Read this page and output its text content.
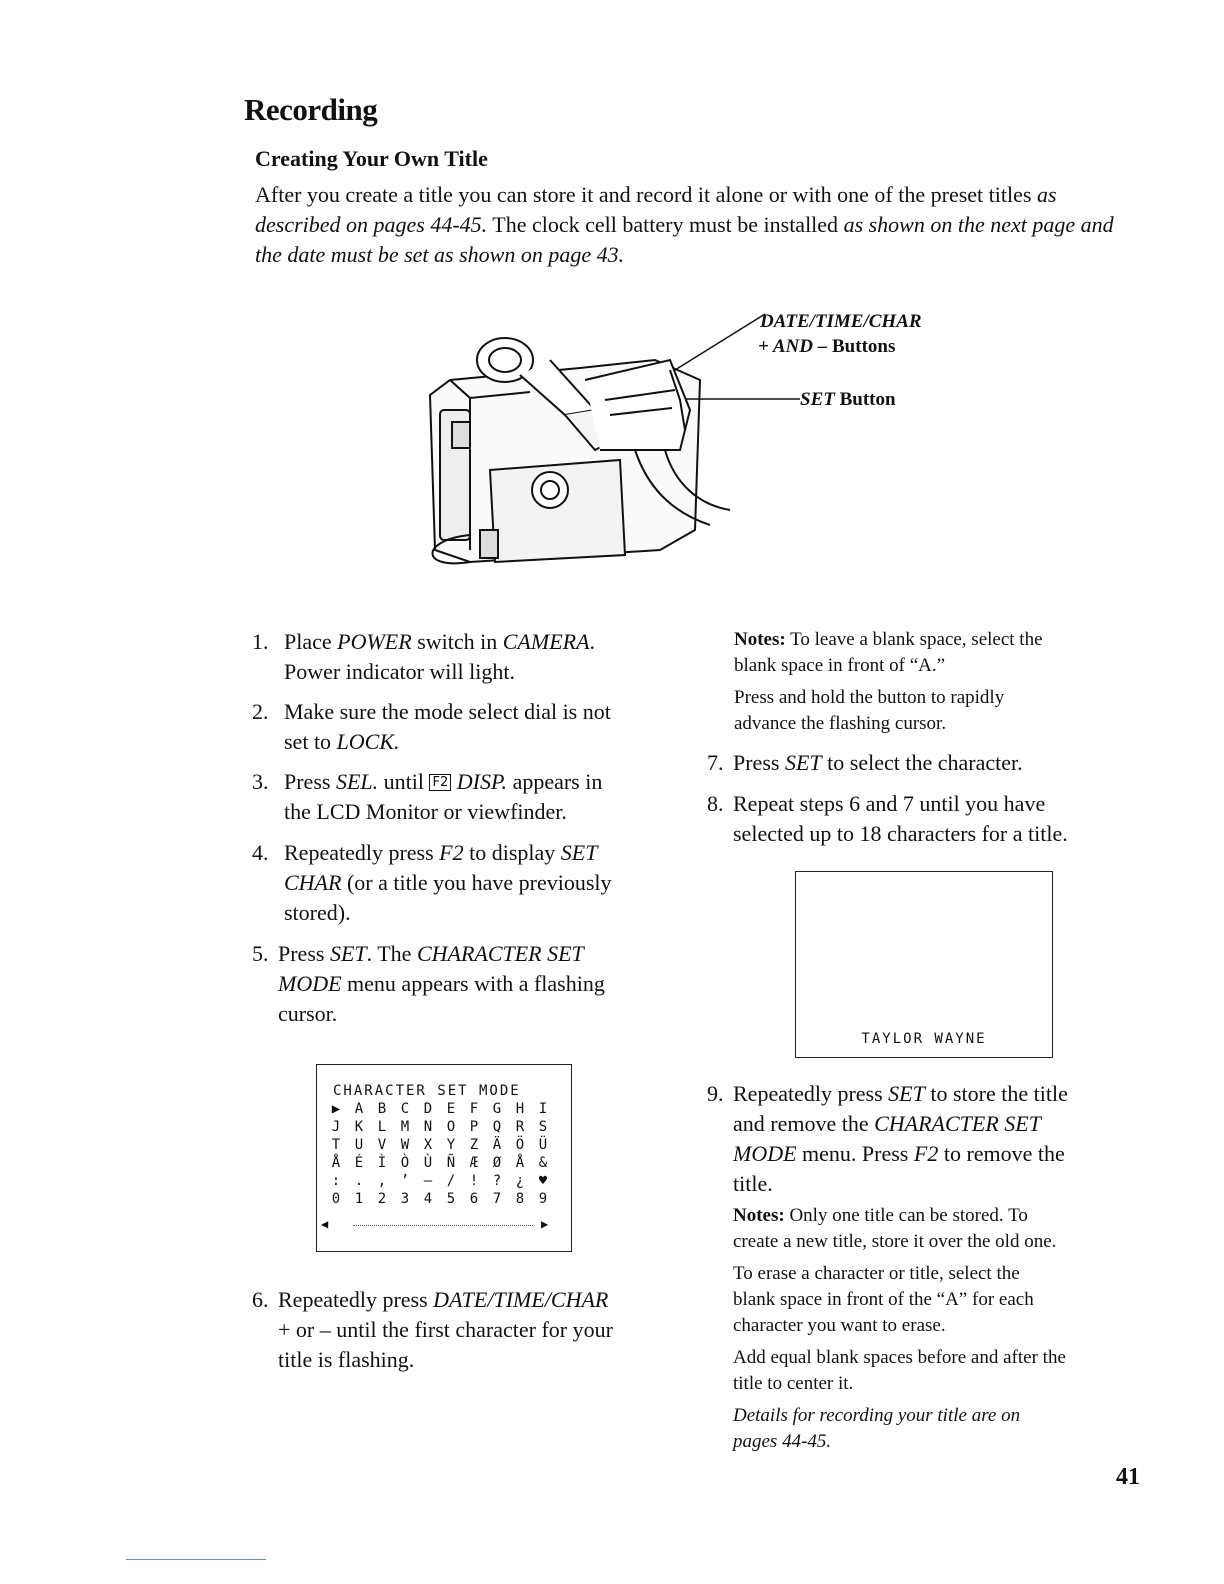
Recording
Creating Your Own Title
After you create a title you can store it and record it alone or with one of the preset titles as described on pages 44-45. The clock cell battery must be installed as shown on the next page and the date must be set as shown on page 43.
DATE/TIME/CHAR
+ AND – Buttons
SET Button
1. Place POWER switch in CAMERA.
Power indicator will light.
2. Make sure the mode select dial is not
set to LOCK.
3. Press SEL. until F2 DISP. appears in
the LCD Monitor or viewfinder.
4. Repeatedly press F2 to display SET
CHAR (or a title you have previously
stored).
5. Press SET. The CHARACTER SET
MODE menu appears with a flashing
cursor.
6. Repeatedly press DATE/TIME/CHAR
+ or – until the first character for your
title is flashing.
CHARACTER SET MODE
▶	A	B	C	D	E	F	G	H	I
J	K	L	M	N	O	P	Q	R	S
T	U	V	W	X	Y	Z	Ä	Ö	Ü
Å	É	Ì	Ò	Ù	Ñ	Æ	Ø	Å	&
:	.	,	’	–	/	!	?	¿	♥
0	1	2	3	4	5	6	7	8	9
◀	▶
Notes: To leave a blank space, select the
blank space in front of “A.”
Press and hold the button to rapidly
advance the flashing cursor.
7. Press SET to select the character.
8. Repeat steps 6 and 7 until you have
selected up to 18 characters for a title.
TAYLOR WAYNE
9. Repeatedly press SET to store the title
and remove the CHARACTER SET
MODE menu. Press F2 to remove the
title.
Notes: Only one title can be stored. To
create a new title, store it over the old one.
To erase a character or title, select the
blank space in front of the “A” for each
character you want to erase.
Add equal blank spaces before and after the
title to center it.
Details for recording your title are on
pages 44-45.
41
